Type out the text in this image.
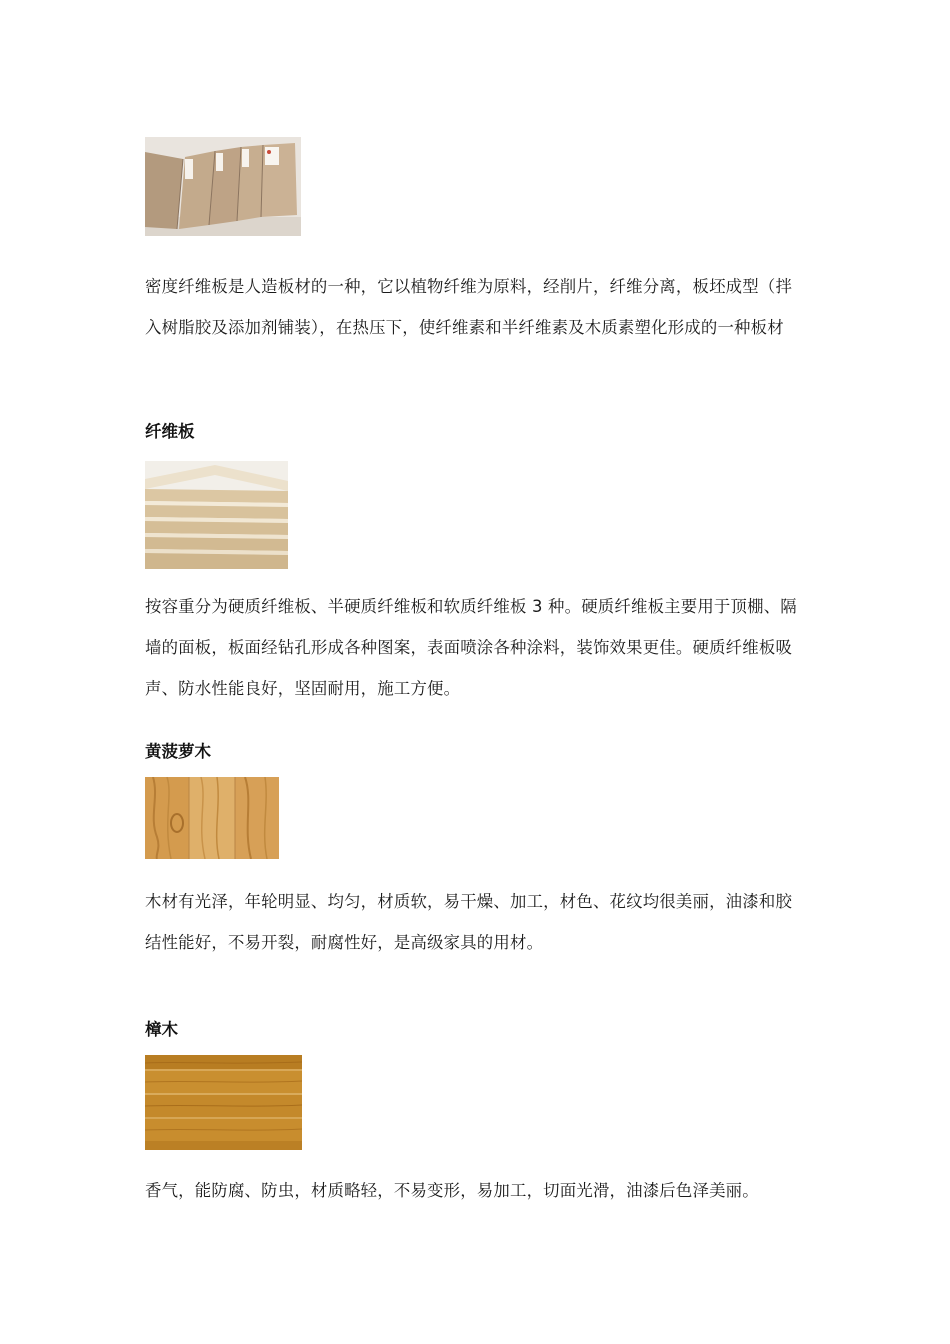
密度纤维板是人造板材的一种，它以植物纤维为原料，经削片，纤维分离，板坯成型（拌
入树脂胶及添加剂铺装），在热压下，使纤维素和半纤维素及木质素塑化形成的一种板材
纤维板
按容重分为硬质纤维板、半硬质纤维板和软质纤维板 3 种。硬质纤维板主要用于顶棚、隔
墙的面板，板面经钻孔形成各种图案，表面喷涂各种涂料，装饰效果更佳。硬质纤维板吸
声、防水性能良好，坚固耐用，施工方便。
黄菠萝木
木材有光泽，年轮明显、均匀，材质软，易干燥、加工，材色、花纹均很美丽，油漆和胶
结性能好，不易开裂，耐腐性好，是高级家具的用材。
樟木
香气，能防腐、防虫，材质略轻，不易变形，易加工，切面光滑，油漆后色泽美丽。
